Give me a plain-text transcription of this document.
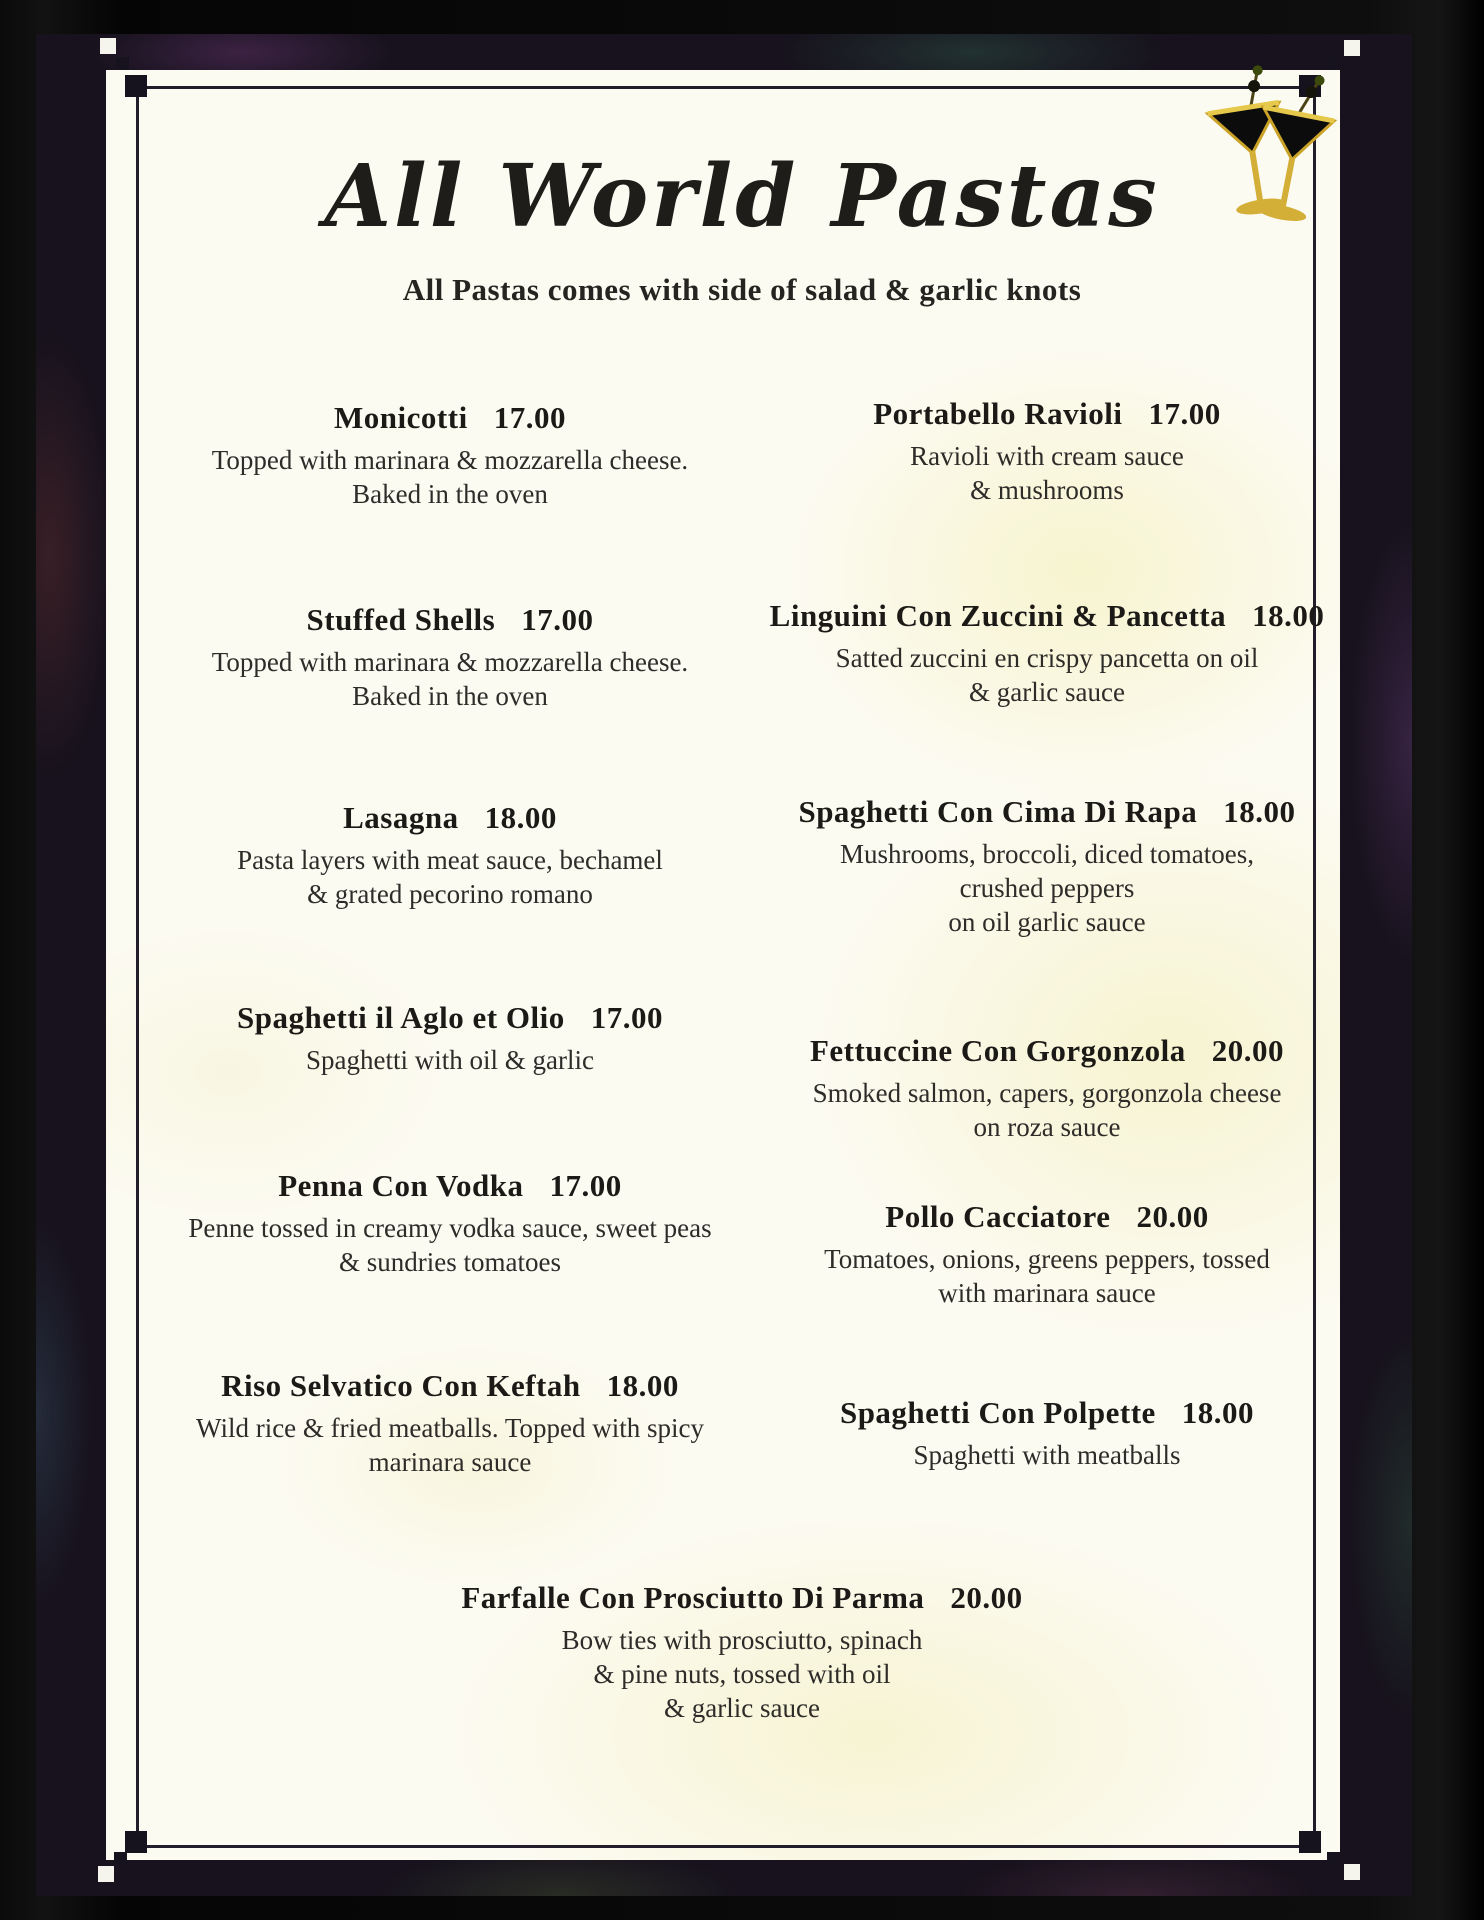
All World Pastas
All Pastas comes with side of salad & garlic knots
Monicotti 17.00
Topped with marinara & mozzarella cheese.
Baked in the oven
Stuffed Shells 17.00
Topped with marinara & mozzarella cheese.
Baked in the oven
Lasagna 18.00
Pasta layers with meat sauce, bechamel
& grated pecorino romano
Spaghetti il Aglo et Olio 17.00
Spaghetti with oil & garlic
Penna Con Vodka 17.00
Penne tossed in creamy vodka sauce, sweet peas
& sundries tomatoes
Riso Selvatico Con Keftah 18.00
Wild rice & fried meatballs. Topped with spicy
marinara sauce
Portabello Ravioli 17.00
Ravioli with cream sauce
& mushrooms
Linguini Con Zuccini & Pancetta 18.00
Satted zuccini en crispy pancetta on oil
& garlic sauce
Spaghetti Con Cima Di Rapa 18.00
Mushrooms, broccoli, diced tomatoes,
crushed peppers
on oil garlic sauce
Fettuccine Con Gorgonzola 20.00
Smoked salmon, capers, gorgonzola cheese
on roza sauce
Pollo Cacciatore 20.00
Tomatoes, onions, greens peppers, tossed
with marinara sauce
Spaghetti Con Polpette 18.00
Spaghetti with meatballs
Farfalle Con Prosciutto Di Parma 20.00
Bow ties with prosciutto, spinach
& pine nuts, tossed with oil
& garlic sauce
